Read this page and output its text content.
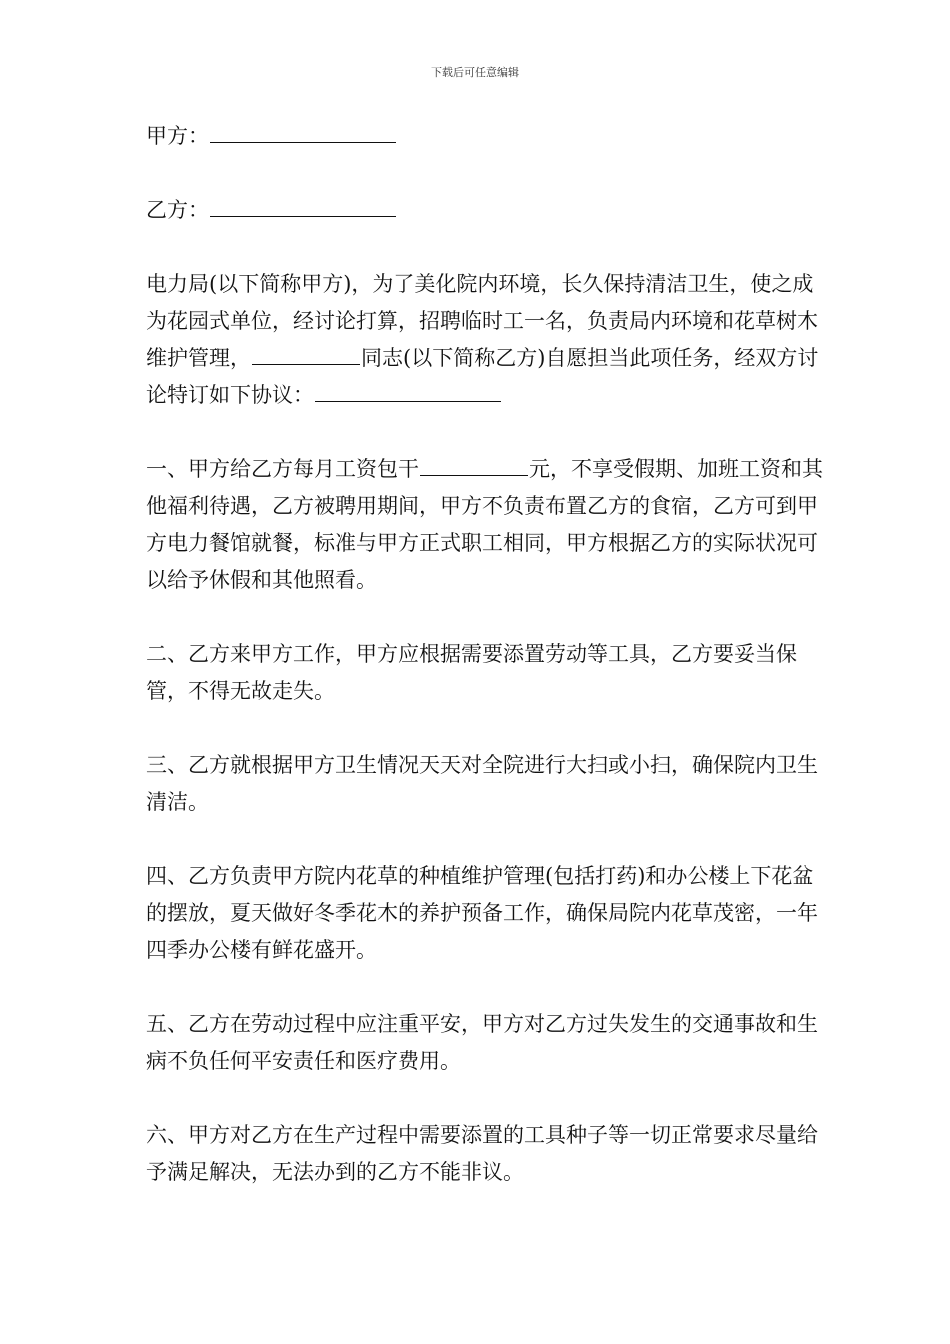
下载后可任意编辑

甲方：

乙方：

电力局(以下简称甲方)，为了美化院内环境，长久保持清洁卫生，使之成为花园式单位，经讨论打算，招聘临时工一名，负责局内环境和花草树木维护管理，	同志(以下简称乙方)自愿担当此项任务，经双方讨论特订如下协议：

一、甲方给乙方每月工资包干	元，不享受假期、加班工资和其他福利待遇，乙方被聘用期间，甲方不负责布置乙方的食宿，乙方可到甲方电力餐馆就餐，标准与甲方正式职工相同，甲方根据乙方的实际状况可以给予休假和其他照看。

二、乙方来甲方工作，甲方应根据需要添置劳动等工具，乙方要妥当保管，不得无故走失。

三、乙方就根据甲方卫生情况天天对全院进行大扫或小扫，确保院内卫生清洁。

四、乙方负责甲方院内花草的种植维护管理(包括打药)和办公楼上下花盆的摆放，夏天做好冬季花木的养护预备工作，确保局院内花草茂密，一年四季办公楼有鲜花盛开。

五、乙方在劳动过程中应注重平安，甲方对乙方过失发生的交通事故和生病不负任何平安责任和医疗费用。

六、甲方对乙方在生产过程中需要添置的工具种子等一切正常要求尽量给予满足解决，无法办到的乙方不能非议。
